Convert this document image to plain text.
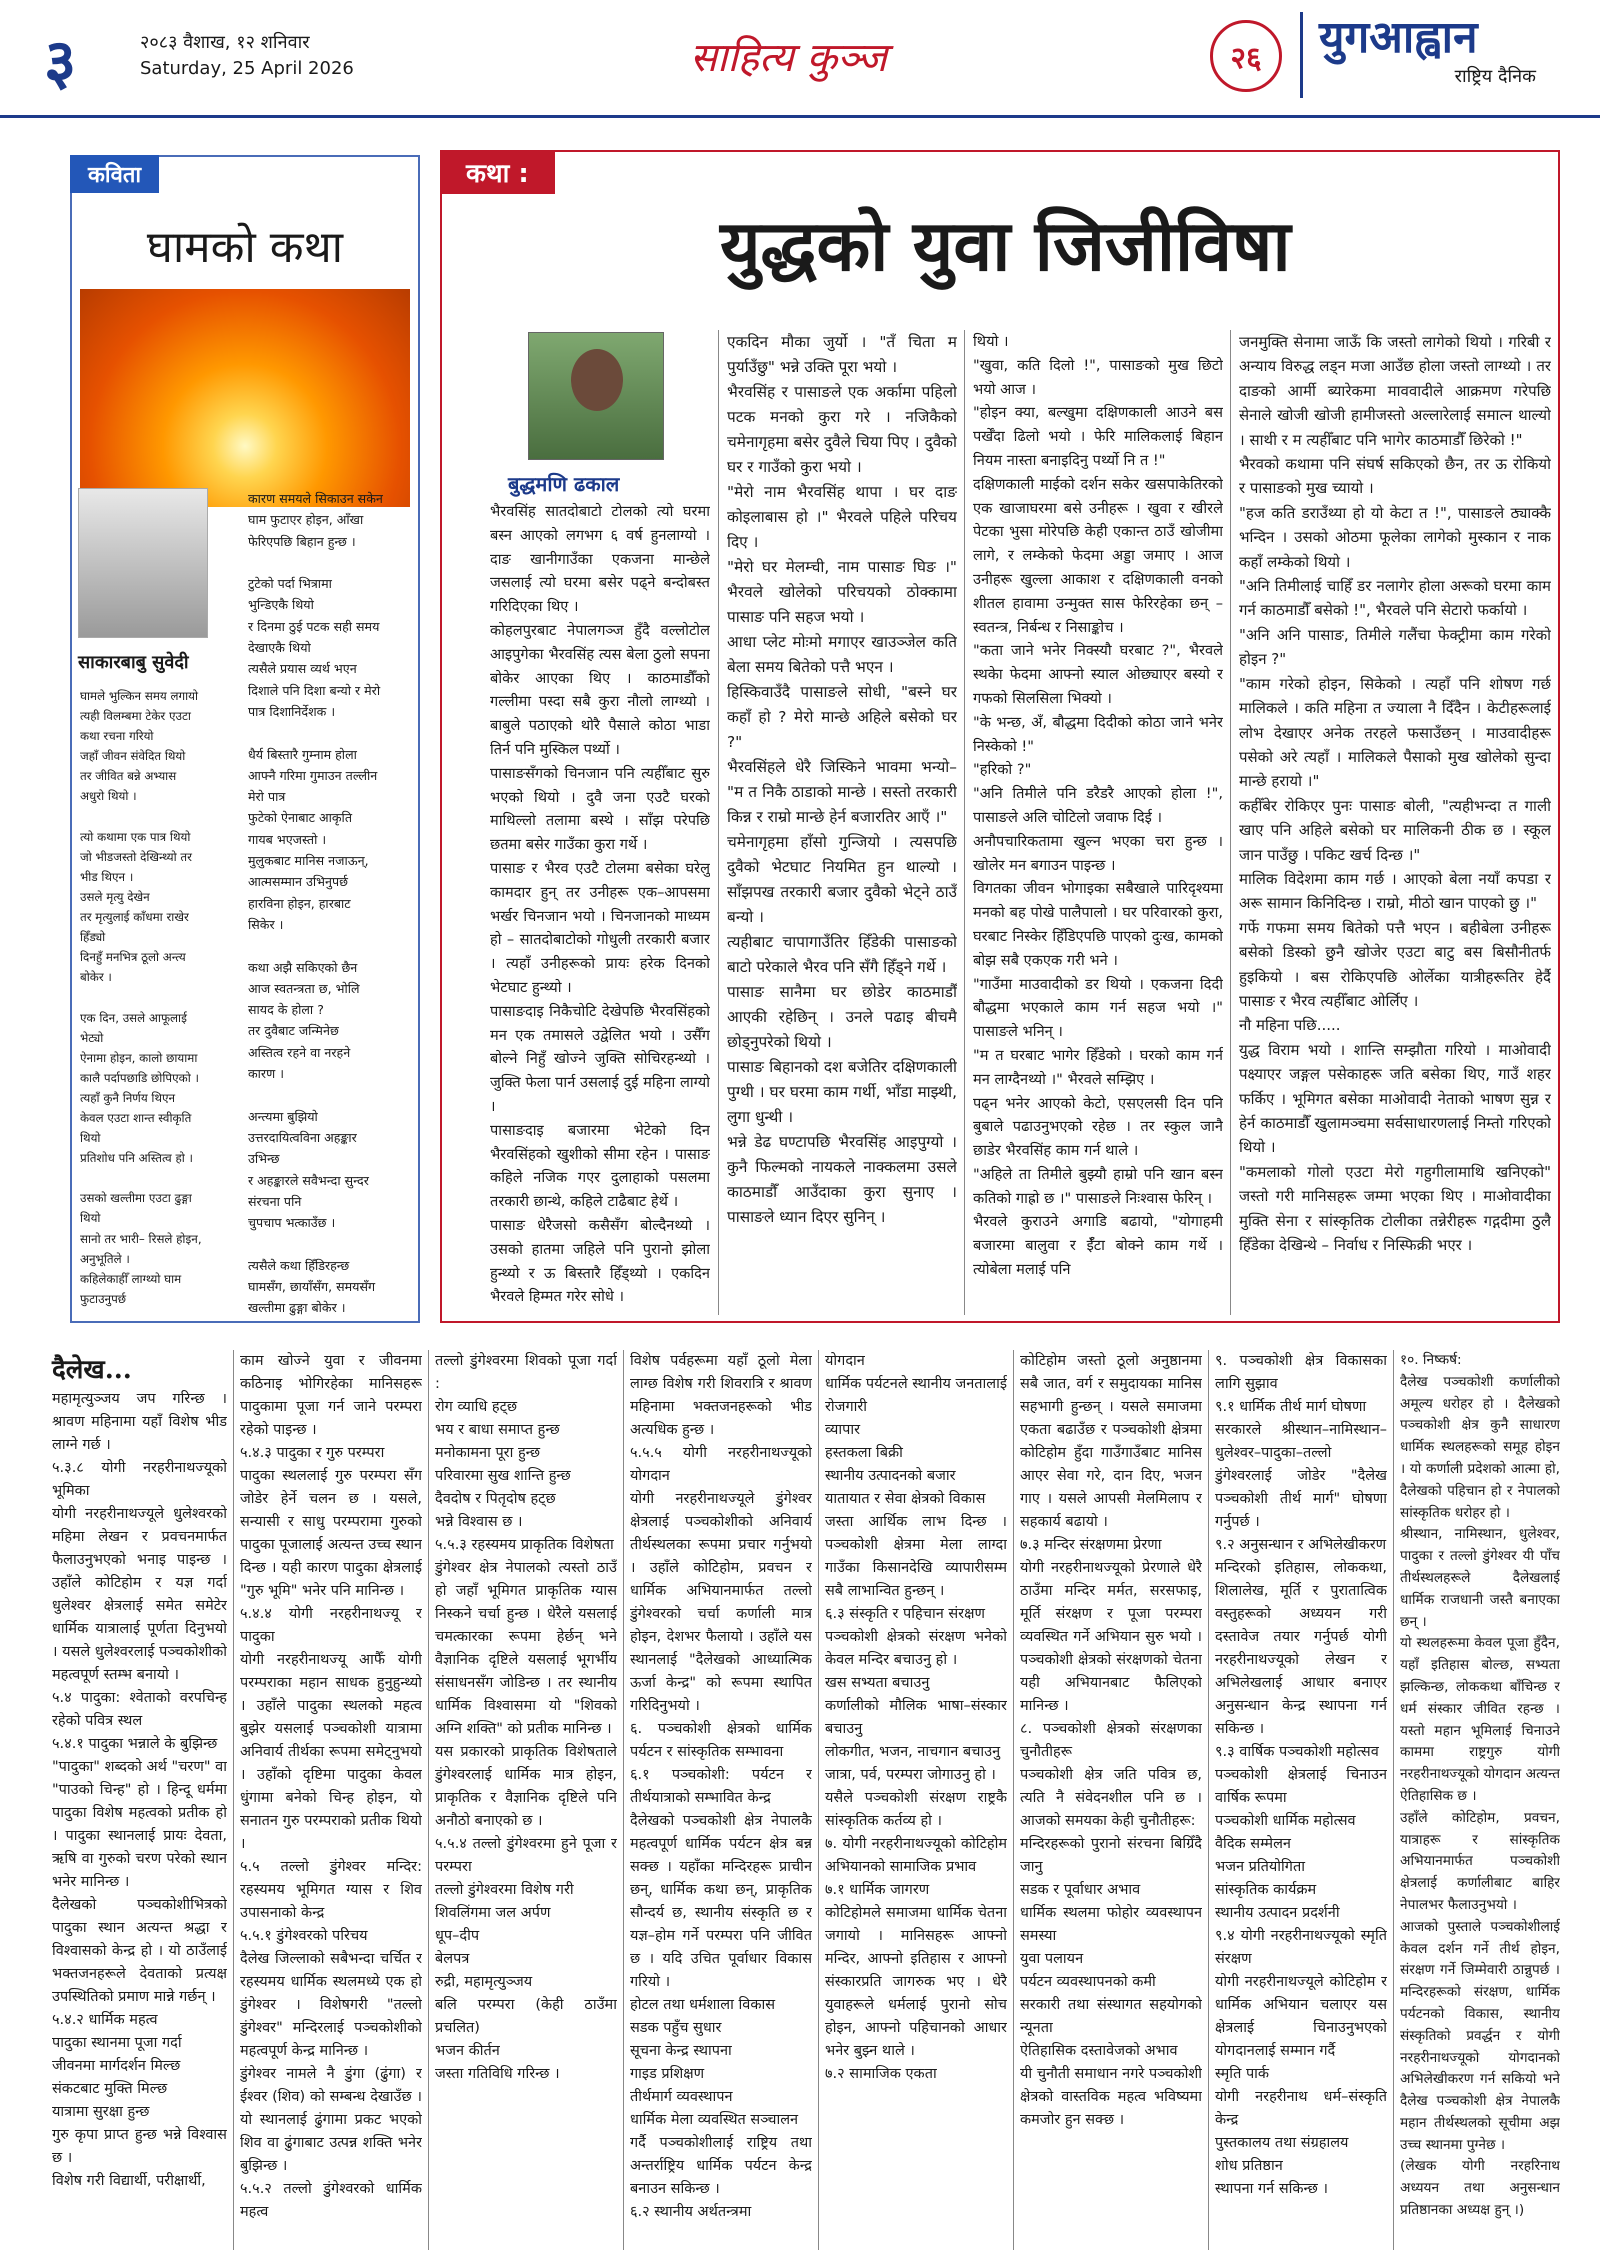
३	२०८३ वैशाख, १२ शनिवार
Saturday, 25 April 2026	साहित्य कुञ्ज	२६ युगआह्वान
राष्ट्रिय दैनिक
कविता
घामको कथा
साकारबाबु सुवेदी
घामले भुल्किन समय लगायो
त्यही विलम्बमा टेकेर एउटा
कथा रचना गरियो
जहाँ जीवन संवेदित थियो
तर जीवित बन्ने अभ्यास
अधुरो थियो ।

त्यो कथामा एक पात्र थियो
जो भीडजस्तो देखिन्थ्यो तर
भीड थिएन ।
उसले मृत्यु देखेन
तर मृत्युलाई काँधमा राखेर
हिँड्यो
दिनहुँ मनभित्र ठूलो अन्त्य
बोकेर ।

एक दिन, उसले आफूलाई
भेट्यो
ऐनामा होइन, कालो छायामा
कालै पर्दापछाडि छोपिएको ।
त्यहाँ कुनै निर्णय थिएन
केवल एउटा शान्त स्वीकृति
थियो
प्रतिशोध पनि अस्तित्व हो ।

उसको खल्तीमा एउटा ढुङ्गा
थियो
सानो तर भारी– रिसले होइन,
अनुभूतिले ।
कहिलेकाहीँ लाग्थ्यो घाम
फुटाउनुपर्छ
कारण समयले सिकाउन सकेन
घाम फुटाएर होइन, आँखा
फेरिएपछि बिहान हुन्छ ।

टुटेको पर्दा भित्रामा
भुन्डिएकै थियो
र दिनमा ठुई पटक सही समय
देखाएकै थियो
त्यसैले प्रयास व्यर्थ भएन
दिशाले पनि दिशा बन्यो र मेरो
पात्र दिशानिर्देशक ।

धैर्य बिस्तारै गुम्नाम होला
आफ्नै गरिमा गुमाउन तल्लीन
मेरो पात्र
फुटेको ऐनाबाट आकृति
गायब भएजस्तो ।
मुलुकबाट मानिस नजाऊन्,
आत्मसम्मान उभिनुपर्छ
हारविना होइन, हारबाट
सिकेर ।

कथा अझै सकिएको छैन
आज स्वतन्त्रता छ, भोलि
सायद के होला ?
तर दुवैबाट जन्मिनेछ
अस्तित्व रहने वा नरहने
कारण ।

अन्त्यमा बुझियो
उत्तरदायित्वविना अहङ्कार
उभिन्छ
र अहङ्कारले सवैभन्दा सुन्दर
संरचना पनि
चुपचाप भत्काउँछ ।

त्यसैले कथा हिँडिरहन्छ
घामसँग, छायाँसँग, समयसँग
खल्तीमा ढुङ्गा बोकेर ।
कथा :
युद्धको युवा जिजीविषा
बुद्धमणि ढकाल
भैरवसिंह सातदोबाटो टोलको त्यो घरमा बस्न आएको लगभग ६ वर्ष हुनलाग्यो । दाङ खानीगाउँका एकजना मान्छेले जसलाई त्यो घरमा बसेर पढ्ने बन्दोबस्त गरिदिएका थिए ।
कोहलपुरबाट नेपालगञ्ज हुँदै वल्लोटोल आइपुगेका भैरवसिंह त्यस बेला ठुलो सपना बोकेर आएका थिए । काठमाडौँको गल्लीमा पस्दा सबै कुरा नौलो लाग्थ्यो । बाबुले पठाएको थोरै पैसाले कोठा भाडा तिर्न पनि मुस्किल पर्थ्यो ।
पासाङसँगको चिनजान पनि त्यहीँबाट सुरु भएको थियो । दुवै जना एउटै घरको माथिल्लो तलामा बस्थे । साँझ परेपछि छतमा बसेर गाउँका कुरा गर्थे ।
पासाङ र भैरव एउटै टोलमा बसेका घरेलु कामदार हुन् तर उनीहरू एक–आपसमा भर्खर चिनजान भयो । चिनजानको माध्यम हो – सातदोबाटोको गोधुली तरकारी बजार । त्यहाँ उनीहरूको प्रायः हरेक दिनको भेटघाट हुन्थ्यो ।
पासाङदाइ निकैचोटि देखेपछि भैरवसिंहको मन एक तमासले उद्वेलित भयो । उसैँग बोल्ने निहुँ खोज्ने जुक्ति सोचिरहन्थ्यो । जुक्ति फेला पार्न उसलाई दुई महिना लाग्यो ।
पासाङदाइ बजारमा भेटेको दिन भैरवसिंहको खुशीको सीमा रहेन । पासाङ कहिले नजिक गएर दुलाहाको पसलमा तरकारी छान्थे, कहिले टाढैबाट हेर्थे ।
पासाङ धेरैजसो कसैसँग बोल्दैनथ्यो । उसको हातमा जहिले पनि पुरानो झोला हुन्थ्यो र ऊ बिस्तारै हिँड्थ्यो । एकदिन भैरवले हिम्मत गरेर सोधे ।
एकदिन मौका जुर्यो । "तँ चिता म पुर्याउँछु" भन्ने उक्ति पूरा भयो ।
भैरवसिंह र पासाङले एक अर्कामा पहिलो पटक मनको कुरा गरे । नजिकैको चमेनागृहमा बसेर दुवैले चिया पिए । दुवैको घर र गाउँको कुरा भयो ।
"मेरो नाम भैरवसिंह थापा । घर दाङ कोइलाबास हो ।" भैरवले पहिले परिचय दिए ।
"मेरो घर मेलम्ची, नाम पासाङ घिङ ।" भैरवले खोलेको परिचयको ठोक्कामा पासाङ पनि सहज भयो ।
आधा प्लेट मोःमो मगाएर खाउञ्जेल कति बेला समय बितेको पत्तै भएन ।
हिस्किवाउँदै पासाङले सोधी, "बस्ने घर कहाँ हो ? मेरो मान्छे अहिले बसेको घर ?"
भैरवसिंहले धेरै जिस्किने भावमा भन्यो– "म त निकै ठाडाको मान्छे । सस्तो तरकारी किन्न र राम्रो मान्छे हेर्न बजारतिर आएँ ।"
चमेनागृहमा हाँसो गुन्जियो । त्यसपछि दुवैको भेटघाट नियमित हुन थाल्यो । साँझपख तरकारी बजार दुवैको भेट्ने ठाउँ बन्यो ।
त्यहीबाट चापागाउँतिर हिँडेकी पासाङको बाटो परेकाले भैरव पनि सँगै हिँड्ने गर्थे ।
पासाङ सानैमा घर छोडेर काठमाडौँ आएकी रहेछिन् । उनले पढाइ बीचमै छोड्नुपरेको थियो ।
पासाङ बिहानको दश बजेतिर दक्षिणकाली पुग्थी । घर घरमा काम गर्थी, भाँडा माझ्थी, लुगा धुन्थी ।
भन्ने डेढ घण्टापछि भैरवसिंह आइपुग्यो । कुनै फिल्मको नायकले नाक्कलमा उसले काठमाडौँ आउँदाका कुरा सुनाए । पासाङले ध्यान दिएर सुनिन् ।
थियो ।
"खुवा, कति दिलो !", पासाङको मुख छिटो भयो आज ।
"होइन क्या, बल्खुमा दक्षिणकाली आउने बस पर्खेँदा ढिलो भयो । फेरि मालिकलाई बिहान नियम नास्ता बनाइदिनु पर्थ्यो नि त !"
दक्षिणकाली माईको दर्शन सकेर खसपाकेतिरको एक खाजाघरमा बसे उनीहरू । खुवा र खीरले पेटका भुसा मोरेपछि केही एकान्त ठाउँ खोजीमा लागे, र लम्केको फेदमा अड्डा जमाए । आज उनीहरू खुल्ला आकाश र दक्षिणकाली वनको शीतल हावामा उन्मुक्त सास फेरिरहेका छन् – स्वतन्त्र, निर्बन्ध र निसाङ्कोच ।
"कता जाने भनेर निक्स्यौ घरबाट ?", भैरवले स्थकेा फेदमा आफ्नो स्याल ओछ्याएर बस्यो र गफको सिलसिला भिक्यो ।
"के भन्छ, अँ, बौद्धमा दिदीको कोठा जाने भनेर निस्केको !"
"हरिको ?"
"अनि तिमीले पनि डरैडरै आएको होला !", पासाङले अलि चोटिलो जवाफ दिई ।
अनौपचारिकतामा खुल्न भएका चरा हुन्छ । खोलेर मन बगाउन पाइन्छ ।
विगतका जीवन भोगाइका सबैखाले पारिदृश्यमा मनको बह पोखे पालैपालो । घर परिवारको कुरा, घरबाट निस्केर हिँडिएपछि पाएको दुःख, कामको बोझ सबै एकएक गरी भने ।
"गाउँमा माउवादीको डर थियो । एकजना दिदी बौद्धमा भएकाले काम गर्न सहज भयो ।" पासाङले भनिन् ।
"म त घरबाट भागेर हिँडेको । घरको काम गर्न मन लाग्दैनथ्यो ।" भैरवले सम्झिए ।
पढ्न भनेर आएको केटो, एसएलसी दिन पनि बुबाले पढाउनुभएको रहेछ । तर स्कुल जानै छाडेर भैरवसिंह काम गर्न थाले ।
"अहिले ता तिमीले बुझ्यौ हाम्रो पनि खान बस्न कतिको गाह्रो छ ।" पासाङले निःश्वास फेरिन् ।
भैरवले कुराउने अगाडि बढायो, "योगाहमी बजारमा बालुवा र ईँटा बोक्ने काम गर्थे । त्योबेला मलाई पनि
जनमुक्ति सेनामा जाऊँ कि जस्तो लागेको थियो । गरिबी र अन्याय विरुद्ध लड्न मजा आउँछ होला जस्तो लाग्थ्यो । तर दाङको आर्मी ब्यारेकमा माववादीले आक्रमण गरेपछि सेनाले खोजी खोजी हामीजस्तो अल्लारेलाई समात्न थाल्यो । साथी र म त्यहीँबाट पनि भागेर काठमाडौँ छिरेको !"
भैरवको कथामा पनि संघर्ष सकिएको छैन, तर ऊ रोकियो र पासाङको मुख च्यायो ।
"हज कति डराउँथ्या हो यो केटा त !", पासाङले ठ्याक्कै भन्दिन । उसको ओठमा फूलेका लागेको मुस्कान र नाक कहाँ लम्केको थियो ।
"अनि तिमीलाई चाहिँ डर नलागेर होला अरूको घरमा काम गर्न काठमाडौँ बसेको !", भैरवले पनि सेटारो फर्कायो ।
"अनि अनि पासाङ, तिमीले गलैंचा फेक्ट्रीमा काम गरेको होइन ?"
"काम गरेको होइन, सिकेको । त्यहाँ पनि शोषण गर्छ मालिकले । कति महिना त ज्याला नै दिँदैन । केटीहरूलाई लोभ देखाएर अनेक तरहले फसाउँछन् । माउवादीहरू पसेको अरे त्यहाँ । मालिकले पैसाको मुख खोलेको सुन्दा मान्छे हरायो ।"
कहीँबेर रोकिएर पुनः पासाङ बोली, "त्यहीभन्दा त गाली खाए पनि अहिले बसेको घर मालिकनी ठीक छ । स्कूल जान पाउँछु । पकिट खर्च दिन्छ ।"
मालिक विदेशमा काम गर्छ । आएको बेला नयाँ कपडा र अरू सामान किनिदिन्छ । राम्रो, मीठो खान पाएको छु ।"
गर्फे गफमा समय बितेको पत्तै भएन । बहीबेला उनीहरू बसेको डिस्को छुनै खोजेर एउटा बाटु बस बिसौनीतर्फ हुइकियो । बस रोकिएपछि ओर्लेका यात्रीहरूतिर हेर्दै पासाङ र भैरव त्यहीँबाट ओर्लिए ।
नौ महिना पछि.....
युद्ध विराम भयो । शान्ति सम्झौता गरियो । माओवादी पक्ष्याएर जङ्गल पसेकाहरू जति बसेका थिए, गाउँ शहर फर्किए । भूमिगत बसेका माओवादी नेताको भाषण सुन्न र हेर्न काठमाडौँ खुलामञ्चमा सर्वसाधारणलाई निम्तो गरिएको थियो ।
"कमलाको गोलो एउटा मेरो गहुगीलामाथि खनिएको" जस्तो गरी मानिसहरू जम्मा भएका थिए । माओवादीका मुक्ति सेना र सांस्कृतिक टोलीका तन्नेरीहरू गद्गदीमा ठुलै हिँडेका देखिन्थे – निर्वाध र निस्फिक्री भएर ।
दैलेख...
महामृत्युञ्जय जप गरिन्छ । श्रावण महिनामा यहाँ विशेष भीड लाग्ने गर्छ ।
५.३.८ योगी नरहरीनाथज्यूको भूमिका
योगी नरहरीनाथज्यूले धुलेश्वरको महिमा लेखन र प्रवचनमार्फत फैलाउनुभएको भनाइ पाइन्छ । उहाँले कोटिहोम र यज्ञ गर्दा धुलेश्वर क्षेत्रलाई समेत समेटेर धार्मिक यात्रालाई पूर्णता दिनुभयो । यसले धुलेश्वरलाई पञ्चकोशीको महत्वपूर्ण स्तम्भ बनायो ।
५.४ पादुका: श्वेताको वरपचिन्ह रहेको पवित्र स्थल
५.४.१ पादुका भन्नाले के बुझिन्छ
"पादुका" शब्दको अर्थ "चरण" वा "पाउको चिन्ह" हो । हिन्दू धर्ममा पादुका विशेष महत्वको प्रतीक हो । पादुका स्थानलाई प्रायः देवता, ऋषि वा गुरुको चरण परेको स्थान भनेर मानिन्छ ।
दैलेखको पञ्चकोशीभित्रको पादुका स्थान अत्यन्त श्रद्धा र विश्वासको केन्द्र हो । यो ठाउँलाई भक्तजनहरूले देवताको प्रत्यक्ष उपस्थितिको प्रमाण मान्ने गर्छन् ।
५.४.२ धार्मिक महत्व
पादुका स्थानमा पूजा गर्दा
जीवनमा मार्गदर्शन मिल्छ
संकटबाट मुक्ति मिल्छ
यात्रामा सुरक्षा हुन्छ
गुरु कृपा प्राप्त हुन्छ भन्ने विश्वास छ ।
विशेष गरी विद्यार्थी, परीक्षार्थी,
काम खोज्ने युवा र जीवनमा कठिनाइ भोगिरहेका मानिसहरू पादुकामा पूजा गर्न जाने परम्परा रहेको पाइन्छ ।
५.४.३ पादुका र गुरु परम्परा
पादुका स्थललाई गुरु परम्परा सँग जोडेर हेर्ने चलन छ । यसले, सन्यासी र साधु परम्परामा गुरुको पादुका पूजालाई अत्यन्त उच्च स्थान दिन्छ । यही कारण पादुका क्षेत्रलाई "गुरु भूमि" भनेर पनि मानिन्छ ।
५.४.४ योगी नरहरीनाथज्यू र पादुका
योगी नरहरीनाथज्यू आफैँ योगी परम्पराका महान साधक हुनुहुन्थ्यो । उहाँले पादुका स्थलको महत्व बुझेर यसलाई पञ्चकोशी यात्रामा अनिवार्य तीर्थका रूपमा समेट्नुभयो । उहाँको दृष्टिमा पादुका केवल धुंगामा बनेको चिन्ह होइन, यो सनातन गुरु परम्पराको प्रतीक थियो ।
५.५ तल्लो डुंगेश्वर मन्दिर: रहस्यमय भूमिगत ग्यास र शिव उपासनाको केन्द्र
५.५.१ डुंगेश्वरको परिचय
दैलेख जिल्लाको सबैभन्दा चर्चित र रहस्यमय धार्मिक स्थलमध्ये एक हो डुंगेश्वर । विशेषगरी "तल्लो डुंगेश्वर" मन्दिरलाई पञ्चकोशीको महत्वपूर्ण केन्द्र मानिन्छ ।
डुंगेश्वर नामले नै डुंगा (ढुंगा) र ईश्वर (शिव) को सम्बन्ध देखाउँछ । यो स्थानलाई ढुंगामा प्रकट भएको शिव वा ढुंगाबाट उत्पन्न शक्ति भनेर बुझिन्छ ।
५.५.२ तल्लो डुंगेश्वरको धार्मिक महत्व
तल्लो डुंगेश्वरमा शिवको पूजा गर्दा :
रोग व्याधि हट्छ
भय र बाधा समाप्त हुन्छ
मनोकामना पूरा हुन्छ
परिवारमा सुख शान्ति हुन्छ
दैवदोष र पितृदोष हट्छ
भन्ने विश्वास छ ।
५.५.३ रहस्यमय प्राकृतिक विशेषता
डुंगेश्वर क्षेत्र नेपालको त्यस्तो ठाउँ हो जहाँ भूमिगत प्राकृतिक ग्यास निस्कने चर्चा हुन्छ । धेरैले यसलाई चमत्कारका रूपमा हेर्छन् भने वैज्ञानिक दृष्टिले यसलाई भूगर्भीय संसाधनसँग जोडिन्छ । तर स्थानीय धार्मिक विश्वासमा यो "शिवको अग्नि शक्ति" को प्रतीक मानिन्छ ।
यस प्रकारको प्राकृतिक विशेषताले डुंगेश्वरलाई धार्मिक मात्र होइन, प्राकृतिक र वैज्ञानिक दृष्टिले पनि अनौठो बनाएको छ ।
५.५.४ तल्लो डुंगेश्वरमा हुने पूजा र परम्परा
तल्लो डुंगेश्वरमा विशेष गरी
शिवलिंगमा जल अर्पण
धूप–दीप
बेलपत्र
रुद्री, महामृत्युञ्जय
बलि परम्परा (केही ठाउँमा प्रचलित)
भजन कीर्तन
जस्ता गतिविधि गरिन्छ ।
विशेष पर्वहरूमा यहाँ ठूलो मेला लाग्छ विशेष गरी शिवरात्रि र श्रावण महिनामा भक्तजनहरूको भीड अत्यधिक हुन्छ ।
५.५.५ योगी नरहरीनाथज्यूको योगदान
योगी नरहरीनाथज्यूले डुंगेश्वर क्षेत्रलाई पञ्चकोशीको अनिवार्य तीर्थस्थलका रूपमा प्रचार गर्नुभयो । उहाँले कोटिहोम, प्रवचन र धार्मिक अभियानमार्फत तल्लो डुंगेश्वरको चर्चा कर्णाली मात्र होइन, देशभर फैलायो । उहाँले यस स्थानलाई "दैलेखको आध्यात्मिक ऊर्जा केन्द्र" को रूपमा स्थापित गरिदिनुभयो ।
६. पञ्चकोशी क्षेत्रको धार्मिक पर्यटन र सांस्कृतिक सम्भावना
६.१ पञ्चकोशी: पर्यटन र तीर्थयात्राको सम्भावित केन्द्र
दैलेखको पञ्चकोशी क्षेत्र नेपालकै महत्वपूर्ण धार्मिक पर्यटन क्षेत्र बन्न सक्छ । यहाँका मन्दिरहरू प्राचीन छन्, धार्मिक कथा छन्, प्राकृतिक सौन्दर्य छ, स्थानीय संस्कृति छ र यज्ञ–होम गर्ने परम्परा पनि जीवित छ । यदि उचित पूर्वाधार विकास गरियो ।
होटल तथा धर्मशाला विकास
सडक पहुँच सुधार
सूचना केन्द्र स्थापना
गाइड प्रशिक्षण
तीर्थमार्ग व्यवस्थापन
धार्मिक मेला व्यवस्थित सञ्चालन
गर्दै पञ्चकोशीलाई राष्ट्रिय तथा अन्तर्राष्ट्रिय धार्मिक पर्यटन केन्द्र बनाउन सकिन्छ ।
६.२ स्थानीय अर्थतन्त्रमा
योगदान
धार्मिक पर्यटनले स्थानीय जनतालाई
रोजगारी
व्यापार
हस्तकला बिक्री
स्थानीय उत्पादनको बजार
यातायात र सेवा क्षेत्रको विकास
जस्ता आर्थिक लाभ दिन्छ । पञ्चकोशी क्षेत्रमा मेला लाग्दा गाउँका किसानदेखि व्यापारीसम्म सबै लाभान्वित हुन्छन् ।
६.३ संस्कृति र पहिचान संरक्षण
पञ्चकोशी क्षेत्रको संरक्षण भनेको केवल मन्दिर बचाउनु हो ।
खस सभ्यता बचाउनु
कर्णालीको मौलिक भाषा–संस्कार बचाउनु
लोकगीत, भजन, नाचगान बचाउनु
जात्रा, पर्व, परम्परा जोगाउनु हो ।
यसैले पञ्चकोशी संरक्षण राष्ट्रकै सांस्कृतिक कर्तव्य हो ।
७. योगी नरहरीनाथज्यूको कोटिहोम अभियानको सामाजिक प्रभाव
७.१ धार्मिक जागरण
कोटिहोमले समाजमा धार्मिक चेतना जगायो । मानिसहरू आफ्नो मन्दिर, आफ्नो इतिहास र आफ्नो संस्कारप्रति जागरुक भए । धेरै युवाहरूले धर्मलाई पुरानो सोच होइन, आफ्नो पहिचानको आधार भनेर बुझ्न थाले ।
७.२ सामाजिक एकता
कोटिहोम जस्तो ठूलो अनुष्ठानमा सबै जात, वर्ग र समुदायका मानिस सहभागी हुन्छन् । यसले समाजमा एकता बढाउँछ र पञ्चकोशी क्षेत्रमा कोटिहोम हुँदा गाउँगाउँबाट मानिस आएर सेवा गरे, दान दिए, भजन गाए । यसले आपसी मेलमिलाप र सहकार्य बढायो ।
७.३ मन्दिर संरक्षणमा प्रेरणा
योगी नरहरीनाथज्यूको प्रेरणाले धेरै ठाउँमा मन्दिर मर्मत, सरसफाइ, मूर्ति संरक्षण र पूजा परम्परा व्यवस्थित गर्ने अभियान सुरु भयो । पञ्चकोशी क्षेत्रको संरक्षणको चेतना यही अभियानबाट फैलिएको मानिन्छ ।
८. पञ्चकोशी क्षेत्रको संरक्षणका चुनौतीहरू
पञ्चकोशी क्षेत्र जति पवित्र छ, त्यति नै संवेदनशील पनि छ । आजको समयका केही चुनौतीहरू:
मन्दिरहरूको पुरानो संरचना बिग्रिँदै जानु
सडक र पूर्वाधार अभाव
धार्मिक स्थलमा फोहोर व्यवस्थापन समस्या
युवा पलायन
पर्यटन व्यवस्थापनको कमी
सरकारी तथा संस्थागत सहयोगको न्यूनता
ऐतिहासिक दस्तावेजको अभाव
यी चुनौती समाधान नगरे पञ्चकोशी क्षेत्रको वास्तविक महत्व भविष्यमा कमजोर हुन सक्छ ।
९. पञ्चकोशी क्षेत्र विकासका लागि सुझाव
९.१ धार्मिक तीर्थ मार्ग घोषणा
सरकारले श्रीस्थान–नामिस्थान–धुलेश्वर–पादुका–तल्लो डुंगेश्वरलाई जोडेर "दैलेख पञ्चकोशी तीर्थ मार्ग" घोषणा गर्नुपर्छ ।
९.२ अनुसन्धान र अभिलेखीकरण
मन्दिरको इतिहास, लोककथा, शिलालेख, मूर्ति र पुरातात्विक वस्तुहरूको अध्ययन गरी दस्तावेज तयार गर्नुपर्छ योगी नरहरीनाथज्यूको लेखन र अभिलेखलाई आधार बनाएर अनुसन्धान केन्द्र स्थापना गर्न सकिन्छ ।
९.३ वार्षिक पञ्चकोशी महोत्सव
पञ्चकोशी क्षेत्रलाई चिनाउन वार्षिक रूपमा
पञ्चकोशी धार्मिक महोत्सव
वैदिक सम्मेलन
भजन प्रतियोगिता
सांस्कृतिक कार्यक्रम
स्थानीय उत्पादन प्रदर्शनी
९.४ योगी नरहरीनाथज्यूको स्मृति संरक्षण
योगी नरहरीनाथज्यूले कोटिहोम र धार्मिक अभियान चलाएर यस क्षेत्रलाई चिनाउनुभएको योगदानलाई सम्मान गर्दै
स्मृति पार्क
योगी नरहरीनाथ धर्म–संस्कृति केन्द्र
पुस्तकालय तथा संग्रहालय
शोध प्रतिष्ठान
स्थापना गर्न सकिन्छ ।
१०. निष्कर्ष:
दैलेख पञ्चकोशी कर्णालीको अमूल्य धरोहर हो । दैलेखको पञ्चकोशी क्षेत्र कुनै साधारण धार्मिक स्थलहरूको समूह होइन । यो कर्णाली प्रदेशको आत्मा हो, दैलेखको पहिचान हो र नेपालको सांस्कृतिक धरोहर हो ।
श्रीस्थान, नामिस्थान, धुलेश्वर, पादुका र तल्लो डुंगेश्वर यी पाँच तीर्थस्थलहरूले दैलेखलाई धार्मिक राजधानी जस्तै बनाएका छन् ।
यो स्थलहरूमा केवल पूजा हुँदैन, यहाँ इतिहास बोल्छ, सभ्यता झल्किन्छ, लोककथा बाँचिन्छ र धर्म संस्कार जीवित रहन्छ । यस्तो महान भूमिलाई चिनाउने काममा राष्ट्रगुरु योगी नरहरीनाथज्यूको योगदान अत्यन्त ऐतिहासिक छ ।
उहाँले कोटिहोम, प्रवचन, यात्राहरू र सांस्कृतिक अभियानमार्फत पञ्चकोशी क्षेत्रलाई कर्णालीबाट बाहिर नेपालभर फैलाउनुभयो ।
आजको पुस्ताले पञ्चकोशीलाई केवल दर्शन गर्ने तीर्थ होइन, संरक्षण गर्ने जिम्मेवारी ठान्नुपर्छ । मन्दिरहरूको संरक्षण, धार्मिक पर्यटनको विकास, स्थानीय संस्कृतिको प्रवर्द्धन र योगी नरहरीनाथज्यूको योगदानको अभिलेखीकरण गर्न सकियो भने दैलेख पञ्चकोशी क्षेत्र नेपालकै महान तीर्थस्थलको सूचीमा अझ उच्च स्थानमा पुग्नेछ ।
(लेखक योगी नरहरिनाथ अध्ययन तथा अनुसन्धान प्रतिष्ठानका अध्यक्ष हुन् ।)
